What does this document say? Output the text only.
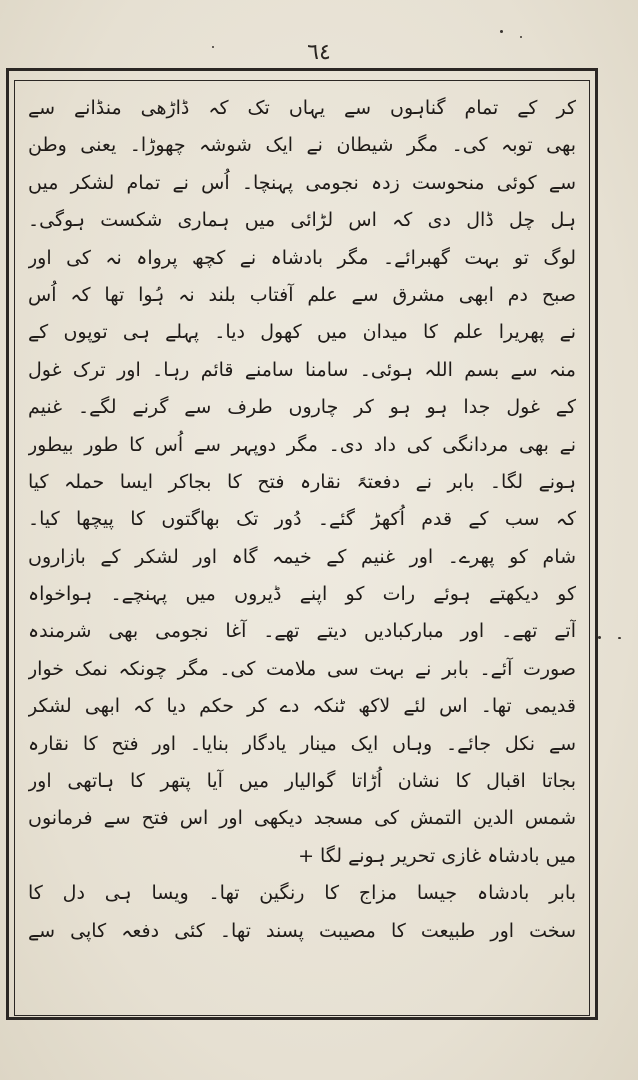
٦٤
کر کے تمام گناہوں سے یہاں تک کہ ڈاڑھی منڈانے سے
بھی توبہ کی۔ مگر شیطان نے ایک شوشہ چھوڑا۔ یعنی وطن
سے کوئی منحوست زدہ نجومی پہنچا۔ اُس نے تمام لشکر میں
ہل چل ڈال دی کہ اس لڑائی میں ہماری شکست ہوگی۔
لوگ تو بہت گھبرائے۔ مگر بادشاہ نے کچھ پرواہ نہ کی اور
صبح دم ابھی مشرق سے علم آفتاب بلند نہ ہُوا تھا کہ اُس
نے پھریرا علم کا میدان میں کھول دیا۔ پہلے ہی توپوں کے
منہ سے بسم اللہ ہوئی۔ سامنا سامنے قائم رہا۔ اور ترک غول
کے غول جدا ہو ہو کر چاروں طرف سے گرنے لگے۔ غنیم
نے بھی مردانگی کی داد دی۔ مگر دوپہر سے اُس کا طور بیطور
ہونے لگا۔ بابر نے دفعتہً نقارہ فتح کا بجاکر ایسا حملہ کیا
کہ سب کے قدم اُکھڑ گئے۔ دُور تک بھاگتوں کا پیچھا کیا۔
شام کو پھرے۔ اور غنیم کے خیمہ گاہ اور لشکر کے بازاروں
کو دیکھتے ہوئے رات کو اپنے ڈیروں میں پہنچے۔ ہواخواہ
آتے تھے۔ اور مبارکبادیں دیتے تھے۔ آغا نجومی بھی شرمندہ
صورت آئے۔ بابر نے بہت سی ملامت کی۔ مگر چونکہ نمک خوار
قدیمی تھا۔ اس لئے لاکھ ٹنکہ دے کر حکم دیا کہ ابھی لشکر
سے نکل جائے۔ وہاں ایک مینار یادگار بنایا۔ اور فتح کا نقارہ
بجاتا اقبال کا نشان اُڑاتا گوالیار میں آیا پتھر کا ہاتھی اور
شمس الدین التمش کی مسجد دیکھی اور اس فتح سے فرمانوں
میں بادشاہ غازی تحریر ہونے لگا +
بابر بادشاہ جیسا مزاج کا رنگین تھا۔ ویسا ہی دل کا
سخت اور طبیعت کا مصیبت پسند تھا۔ کئی دفعہ کاپی سے
